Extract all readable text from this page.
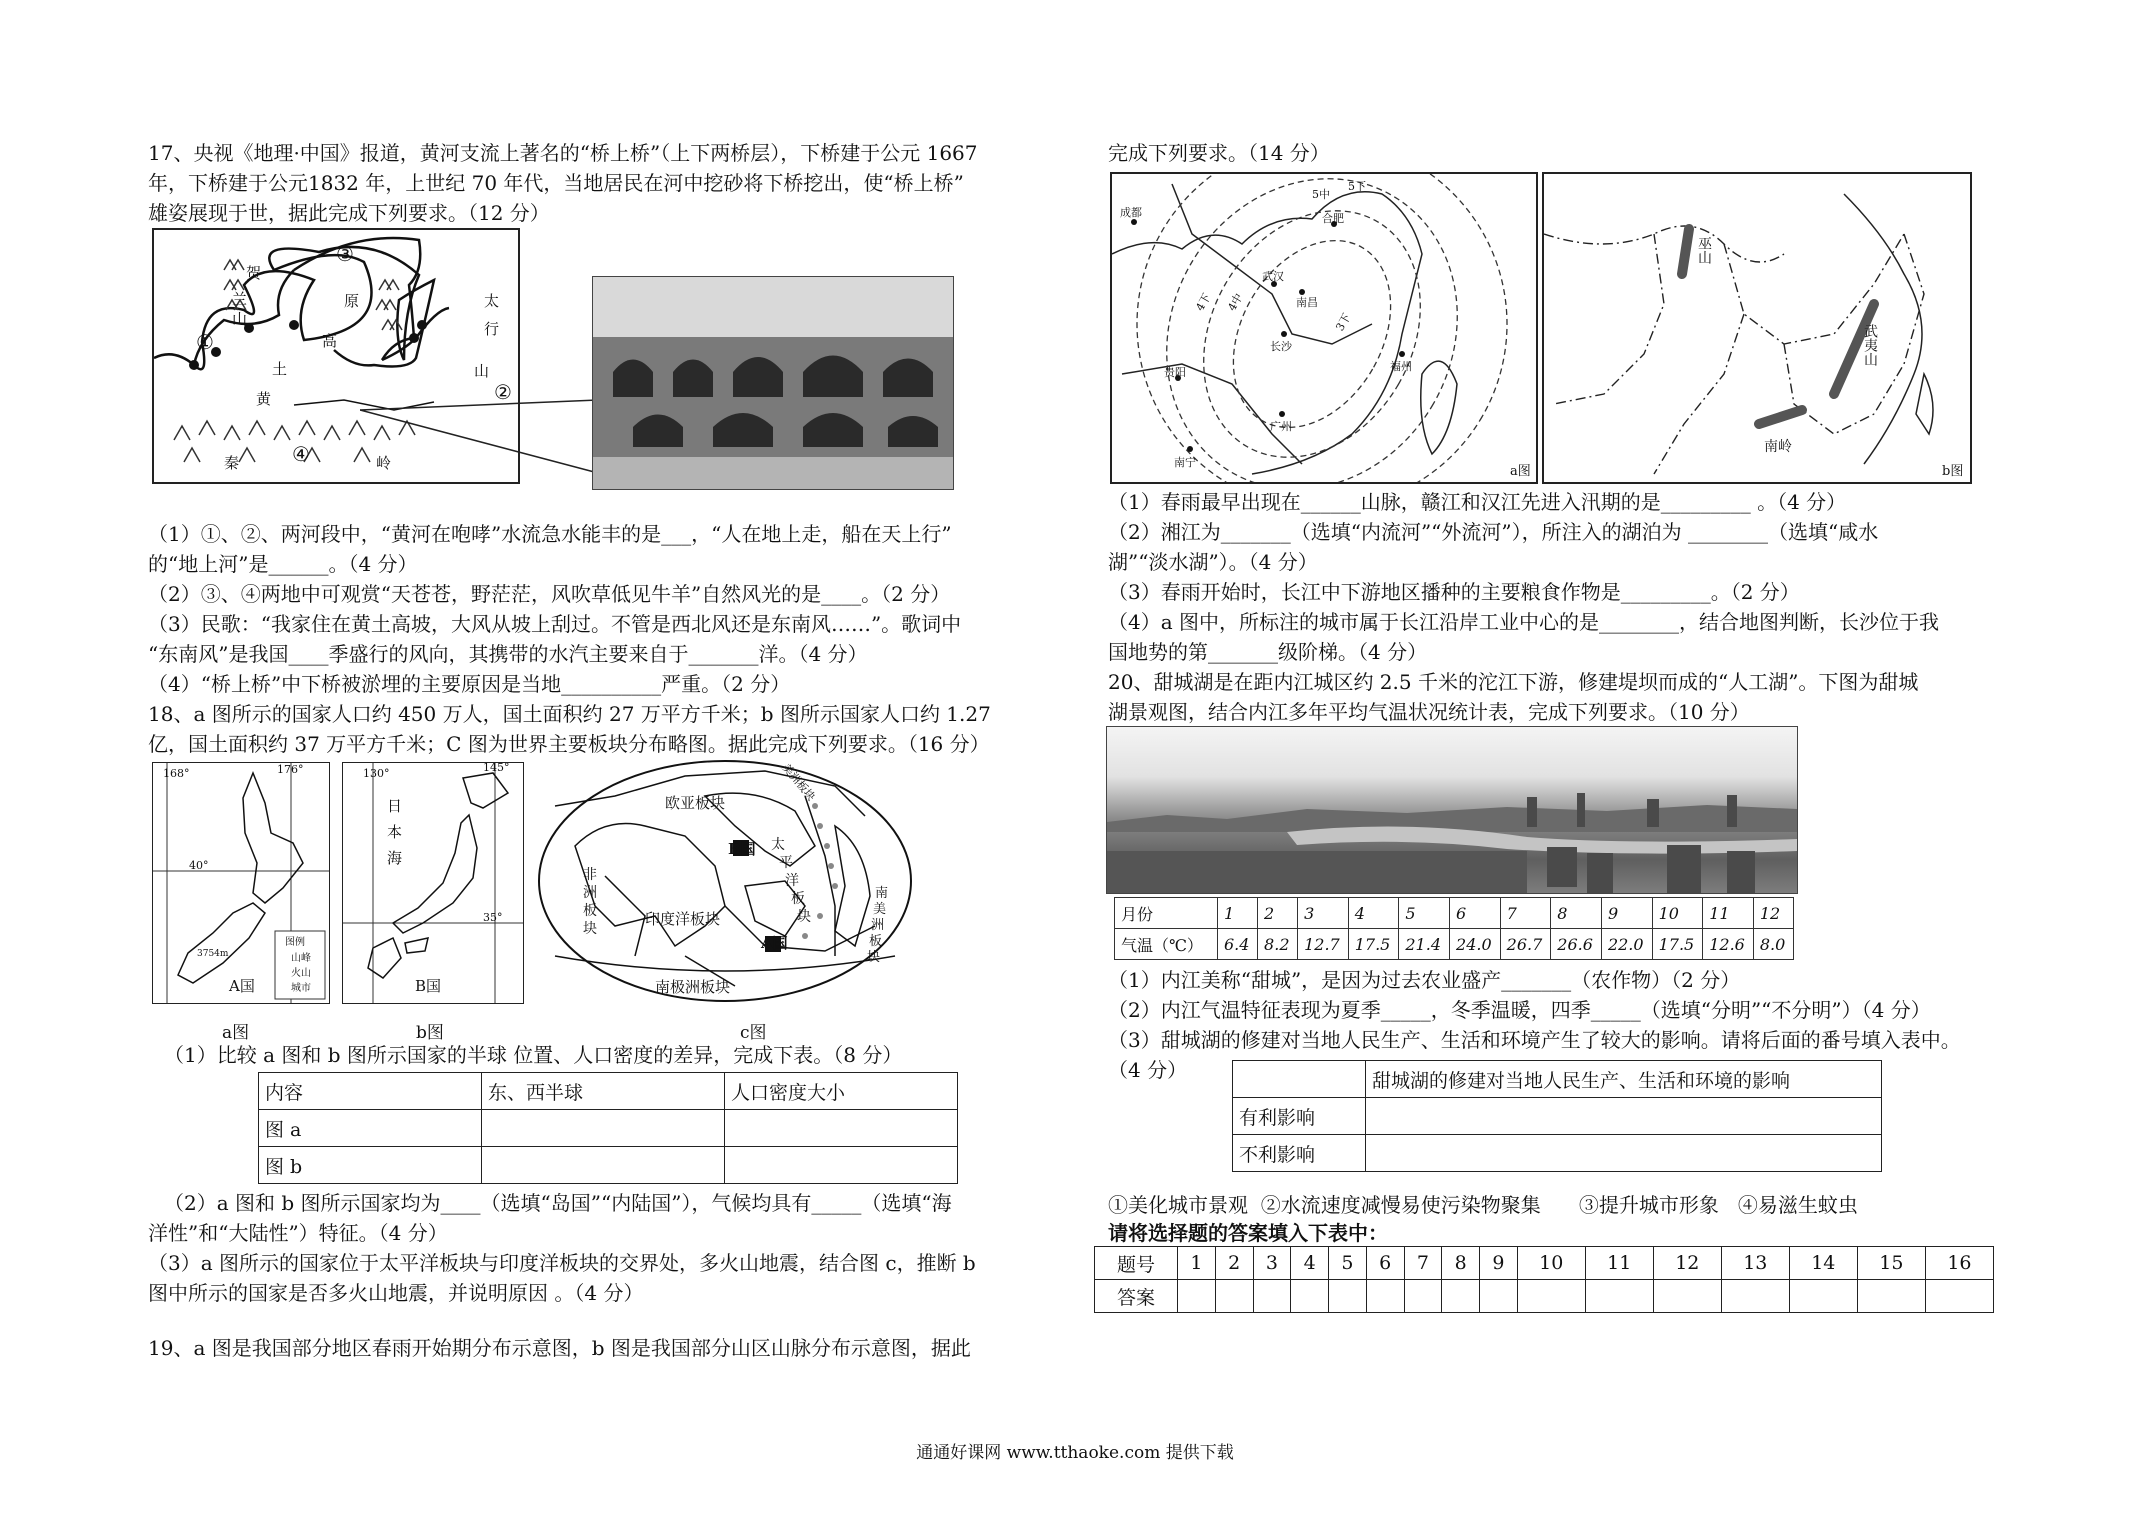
17、央视《地理·中国》报道，黄河支流上著名的“桥上桥”（上下两桥层），下桥建于公元 1667
年，下桥建于公元1832 年，上世纪 70 年代，当地居民在河中挖砂将下桥挖出，使“桥上桥”
雄姿展现于世，据此完成下列要求。（12 分）
③
贺
兰
山
原
高
土
太
行
山
①
②
黄
④
秦	岭
（1）①、②、两河段中，“黄河在咆哮”水流急水能丰的是___，“人在地上走，船在天上行”
的“地上河”是______。（4 分）
（2）③、④两地中可观赏“天苍苍，野茫茫，风吹草低见牛羊”自然风光的是____。（2 分）
（3）民歌：“我家住在黄土高坡，大风从坡上刮过。不管是西北风还是东南风……”。歌词中
“东南风”是我国____季盛行的风向，其携带的水汽主要来自于_______洋。（4 分）
（4）“桥上桥”中下桥被淤埋的主要原因是当地__________严重。（2 分）
18、a 图所示的国家人口约 450 万人，国土面积约 27 万平方千米；b 图所示国家人口约 1.27
亿，国土面积约 37 万平方千米；C 图为世界主要板块分布略图。据此完成下列要求。（16 分）
168°	176°
40°
3754m
A国
图例
山峰
火山
城市
a图
130°	145°
日
本
海
35°
B国
b图
欧亚板块	美洲板块
B国 太
平
洋
板
块
非
洲
板
块
印度洋板块
A国
南
美
洲
板
块
南极洲板块
c图
（1）比较 a 图和 b 图所示国家的半球 位置、人口密度的差异，完成下表。（8 分）
内容	东、西半球	人口密度大小
图 a		
图 b		
（2）a 图和 b 图所示国家均为____（选填“岛国”“内陆国”），气候均具有_____（选填“海
洋性”和“大陆性”）特征。（4 分）
（3）a 图所示的国家位于太平洋板块与印度洋板块的交界处，多火山地震，结合图 c，推断 b
图中所示的国家是否多火山地震，并说明原因 。（4 分）
19、a 图是我国部分地区春雨开始期分布示意图，b 图是我国部分山区山脉分布示意图，据此
完成下列要求。（14 分）
成都	合肥
武汉
南昌
长沙
福州
贵阳
广州
南宁
5中
5下
4下 4中
3下
a图
巫山
武夷山
南岭
b图
（1）春雨最早出现在______山脉，赣江和汉江先进入汛期的是_________ 。（4 分）
（2）湘江为_______（选填“内流河”“外流河”），所注入的湖泊为 ________（选填“咸水
湖”“淡水湖”）。（4 分）
（3）春雨开始时，长江中下游地区播种的主要粮食作物是_________。（2 分）
（4）a 图中，所标注的城市属于长江沿岸工业中心的是________，结合地图判断，长沙位于我
国地势的第_______级阶梯。（4 分）
20、甜城湖是在距内江城区约 2.5 千米的沱江下游，修建堤坝而成的“人工湖”。下图为甜城
湖景观图，结合内江多年平均气温状况统计表，完成下列要求。（10 分）
月份	1	2	3	4	5	6	7	8	9	10	11	12
气温（℃）	6.4	8.2	12.7	17.5	21.4	24.0	26.7	26.6	22.0	17.5	12.6	8.0
（1）内江美称“甜城”，是因为过去农业盛产_______（农作物）（2 分）
（2）内江气温特征表现为夏季_____，冬季温暖，四季_____（选填“分明”“不分明”）（4 分）
（3）甜城湖的修建对当地人民生产、生活和环境产生了较大的影响。请将后面的番号填入表中。
（4 分）
		甜城湖的修建对当地人民生产、生活和环境的影响
有利影响	
不利影响	
①美化城市景观  ②水流速度减慢易使污染物聚集      ③提升城市形象   ④易滋生蚊虫
请将选择题的答案填入下表中：
题号	1	2	3	4	5	6	7	8	9	10	11	12	13	14	15	16
答案																
通通好课网 www.tthaoke.com 提供下载
